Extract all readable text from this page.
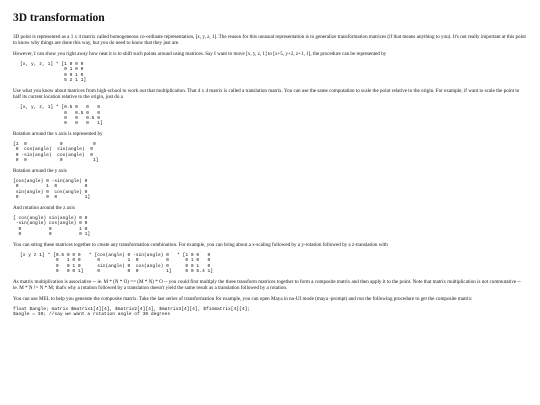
3D transformation

3D point is represented as a 1 x 4 matrix called homogeneous co-ordinate representation, [x, y, z, 1]. The reason for this unusual representation is to generalize transformation matrices (if that means anything to you). It's not really important at this point to know why things are done this way, but you do need to know that they just are.

However, I can show you right away how neat it is to shift such points around using matrices. Say I want to move [x, y, z, 1] to [x+5, y+2, z+1, 1], the procedure can be represented by

[x, y, z, 1] * [1 0 0 0
0 1 0 0
0 0 1 0
5 2 1 1]

Use what you know about matrices from high-school to work out that multiplication. That 4 x 4 matrix is called a translation matrix. You can use the same computation to scale the point relative to the origin. For example, if want to scale the point to half its current location relative to the origin, just do a

[x, y, z, 1] * [0.5 0   0   0
0   0.5 0   0
0   0   0.5 0
0   0   0   1]

Rotation around the x axis is represented by

[1  0            0           0
0  cos(angle)  sin(angle)  0
0 -sin(angle)  cos(angle)  0
0  0            0           1]

Rotation around the y axis

[cos(angle) 0 -sin(angle) 0
0          1  0          0
sin(angle) 0  cos(angle) 0
0          0  0          1]

And rotation around the z axis

[ cos(angle) sin(angle) 0 0
-sin(angle) cos(angle) 0 0
0          0          1 0
0          0          0 1]

You can string these matrices together to create any transformation combination. For example, you can bring about a x-scaling followed by a y-rotation followed by a z-translation with

[x y z 1] * [0.5 0 0 0   * [cos(angle) 0 -sin(angle) 0   * [1 0 0   0
0   1 0 0      0          1  0          0      0 1 0   0
0   0 1 0      sin(angle) 0  cos(angle) 0      0 0 1   0
0   0 0 1]     0          0  0          1]     0 0 5.4 1]

As matrix multiplication is associative -- ie. M * (N * O) == (M * N) * O -- you could first multiply the three transform matrices together to form a composite matrix and then apply it to the point. Note that matrix multiplication is not commutative -- ie. M * N != N * M; that's why a rotation followed by a translation doesn't yield the same result as a translation followed by a rotation.

You can use MEL to help you generate the composite matrix. Take the last series of transformation for example, you can open Maya in no-UI mode (maya -prompt) and run the following procedure to get the composite matrix:

float $angle; matrix $matrix1[4][4], $matrix2[4][4], $matrix3[4][4], $finmatrix[4][4];
$angle = 30; //say we want a rotation angle of 30 degrees
